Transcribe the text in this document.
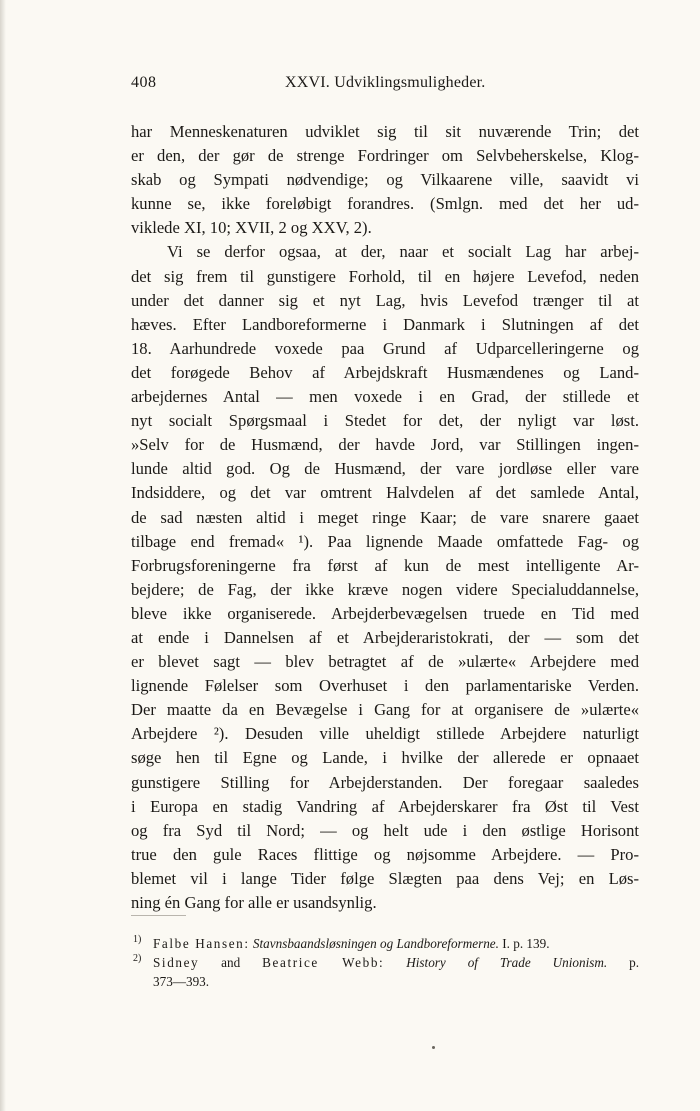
408	XXVI. Udviklingsmuligheder.
har Menneskenaturen udviklet sig til sit nuværende Trin; det
er den, der gør de strenge Fordringer om Selvbeherskelse, Klog-
skab og Sympati nødvendige; og Vilkaarene ville, saavidt vi
kunne se, ikke foreløbigt forandres. (Smlgn. med det her ud-
viklede XI, 10; XVII, 2 og XXV, 2).
Vi se derfor ogsaa, at der, naar et socialt Lag har arbej-
det sig frem til gunstigere Forhold, til en højere Levefod, neden
under det danner sig et nyt Lag, hvis Levefod trænger til at
hæves. Efter Landboreformerne i Danmark i Slutningen af det
18. Aarhundrede voxede paa Grund af Udparcelleringerne og
det forøgede Behov af Arbejdskraft Husmændenes og Land-
arbejdernes Antal — men voxede i en Grad, der stillede et
nyt socialt Spørgsmaal i Stedet for det, der nyligt var løst.
»Selv for de Husmænd, der havde Jord, var Stillingen ingen-
lunde altid god. Og de Husmænd, der vare jordløse eller vare
Indsiddere, og det var omtrent Halvdelen af det samlede Antal,
de sad næsten altid i meget ringe Kaar; de vare snarere gaaet
tilbage end fremad« ¹). Paa lignende Maade omfattede Fag- og
Forbrugsforeningerne fra først af kun de mest intelligente Ar-
bejdere; de Fag, der ikke kræve nogen videre Specialuddannelse,
bleve ikke organiserede. Arbejderbevægelsen truede en Tid med
at ende i Dannelsen af et Arbejderaristokrati, der — som det
er blevet sagt — blev betragtet af de »ulærte« Arbejdere med
lignende Følelser som Overhuset i den parlamentariske Verden.
Der maatte da en Bevægelse i Gang for at organisere de »ulærte«
Arbejdere ²). Desuden ville uheldigt stillede Arbejdere naturligt
søge hen til Egne og Lande, i hvilke der allerede er opnaaet
gunstigere Stilling for Arbejderstanden. Der foregaar saaledes
i Europa en stadig Vandring af Arbejderskarer fra Øst til Vest
og fra Syd til Nord; — og helt ude i den østlige Horisont
true den gule Races flittige og nøjsomme Arbejdere. — Pro-
blemet vil i lange Tider følge Slægten paa dens Vej; en Løs-
ning én Gang for alle er usandsynlig.
1) Falbe Hansen: Stavnsbaandsløsningen og Landboreformerne. I. p. 139.
2) Sidney and Beatrice Webb: History of Trade Unionism. p.
373—393.
